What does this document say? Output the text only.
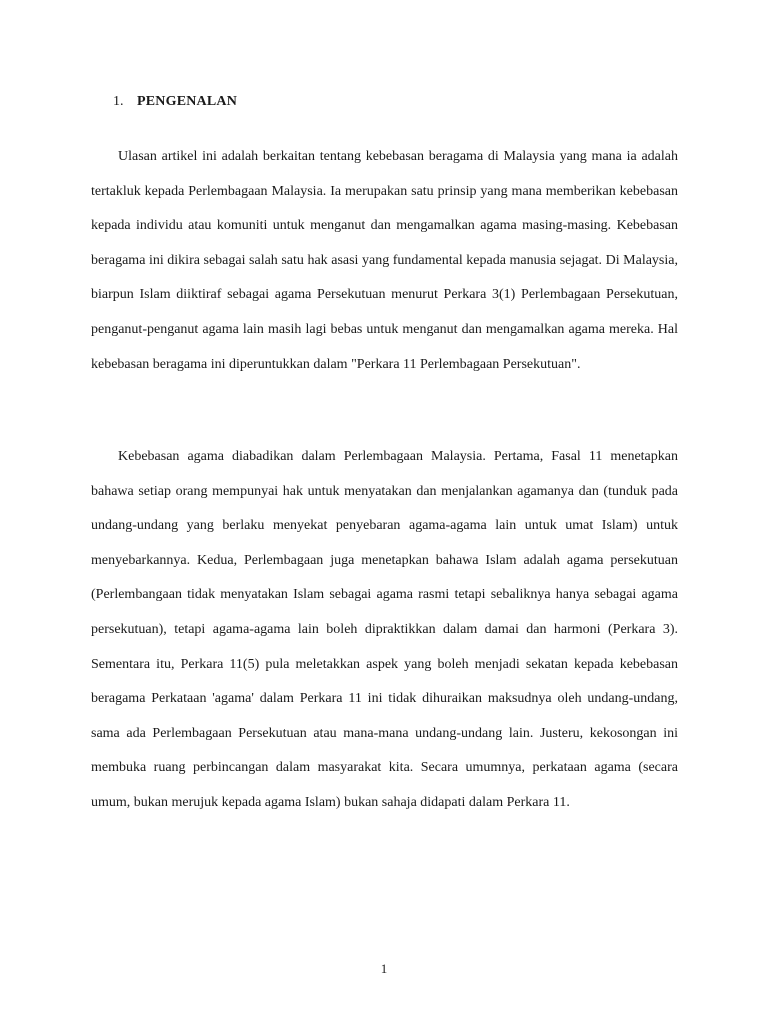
1. PENGENALAN

Ulasan artikel ini adalah berkaitan tentang kebebasan beragama di Malaysia yang mana ia adalah tertakluk kepada Perlembagaan Malaysia. Ia merupakan satu prinsip yang mana memberikan kebebasan kepada individu atau komuniti untuk menganut dan mengamalkan agama masing-masing. Kebebasan beragama ini dikira sebagai salah satu hak asasi yang fundamental kepada manusia sejagat. Di Malaysia, biarpun Islam diiktiraf sebagai agama Persekutuan menurut Perkara 3(1) Perlembagaan Persekutuan, penganut-penganut agama lain masih lagi bebas untuk menganut dan mengamalkan agama mereka. Hal kebebasan beragama ini diperuntukkan dalam "Perkara 11 Perlembagaan Persekutuan".

Kebebasan agama diabadikan dalam Perlembagaan Malaysia. Pertama, Fasal 11 menetapkan bahawa setiap orang mempunyai hak untuk menyatakan dan menjalankan agamanya dan (tunduk pada undang-undang yang berlaku menyekat penyebaran agama-agama lain untuk umat Islam) untuk menyebarkannya. Kedua, Perlembagaan juga menetapkan bahawa Islam adalah agama persekutuan (Perlembangaan tidak menyatakan Islam sebagai agama rasmi tetapi sebaliknya hanya sebagai agama persekutuan), tetapi agama-agama lain boleh dipraktikkan dalam damai dan harmoni (Perkara 3). Sementara itu, Perkara 11(5) pula meletakkan aspek yang boleh menjadi sekatan kepada kebebasan beragama Perkataan 'agama' dalam Perkara 11 ini tidak dihuraikan maksudnya oleh undang-undang, sama ada Perlembagaan Persekutuan atau mana-mana undang-undang lain. Justeru, kekosongan ini membuka ruang perbincangan dalam masyarakat kita. Secara umumnya, perkataan agama (secara umum, bukan merujuk kepada agama Islam) bukan sahaja didapati dalam Perkara 11.

1
